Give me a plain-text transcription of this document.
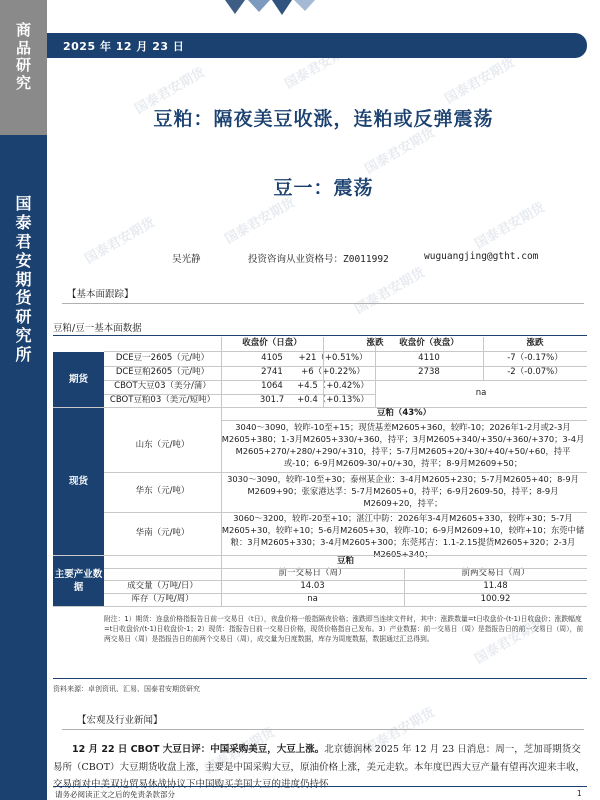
商
品
研
究
国
泰
君
安
期
货
研
究
所
2025 年 12 月 23 日
国泰君安期货	国泰君安期货	国泰君安期货
国泰君安期货
国泰君安期货
国泰君安期货	国泰君安期货
国泰君安期货
国泰君安期货
国泰君安期货	国泰君安期货
豆粕：隔夜美豆收涨，连粕或反弹震荡
豆一：震荡
吴光静	投资咨询从业资格号：Z0011992	wuguangjing@gtht.com
【基本面跟踪】
豆粕/豆一基本面数据
收盘价（日盘）	涨跌	收盘价（夜盘）	涨跌
期货
DCE豆一2605（元/吨）	4105	+21（+0.51%）	4110	-7（-0.17%）
DCE豆粕2605（元/吨）	2741	+6（+0.22%）	2738	-2（-0.07%）
CBOT大豆03（美分/蒲）	1064	+4.5（+0.42%）
na
CBOT豆粕03（美元/短吨）	301.7	+0.4（+0.13%）
现货
豆粕（43%）
山东（元/吨）
3040～3090，较昨-10至+15；现货基差M2605+360，较昨-10；2026年1-2月或2-3月M2605+380；1-3月M2605+330/+360，持平；3月M2605+340/+350/+360/+370；3-4月M2605+270/+280/+290/+310，持平；5-7月M2605+20/+30/+40/+50/+60，持平或-10；6-9月M2609-30/+0/+30，持平；8-9月M2609+50；
华东（元/吨）
3030～3090，较昨-10至+30；泰州某企业：3-4月M2605+230；5-7月M2605+40；8-9月M2609+90；张家港达孚：5-7月M2605+0，持平；6-9月2609-50，持平；8-9月M2609+20，持平；
华南（元/吨）
3060～3200，较昨-20至+10；湛江中防：2026年3-4月M2605+330，较昨+30；5-7月M2605+30，较昨+10；5-6月M2605+30，较昨-10；6-9月M2609+10，较昨+10；东莞中储粮：3月M2605+330；3-4月M2605+300；东莞邦吉：1.1-2.15提货M2605+320；2-3月M2605+340；
主要产业数据
豆粕
前一交易日（周）	前两交易日（周）
成交量（万吨/日）	14.03	11.48
库存（万吨/周）	na	100.92
附注：1）期货：连盘价格指报告日前一交易日（t日），夜盘价格一般指隔夜价格；涨跌即当连续文件时，其中：涨跌数量=t日收盘价-(t-1)日收盘价；涨跌幅度=t日收盘价/(t-1)日收盘价-1；2）现货：指报告日前一交易日价格，现货价格指自己发布。3）产业数据：前一交易日（周）是指报告日的前一交易日（周），前两交易日（周）是指报告日的前两个交易日（周），成交量为日度数据，库存为周度数据，数据通过汇总得到。
资料来源：卓创资讯、汇易、国泰君安期货研究
【宏观及行业新闻】
12 月 22 日 CBOT 大豆日评：中国采购美豆，大豆上涨。北京德润林 2025 年 12 月 23 日消息：周一，芝加哥期货交易所（CBOT）大豆期货收盘上涨，主要是中国采购大豆，原油价格上涨，美元走软。本年度巴西大豆产量有望再次迎来丰收，交易商对中美双边贸易休战协议下中国购买美国大豆的进度仍持怀
请务必阅读正文之后的免责条款部分	1
